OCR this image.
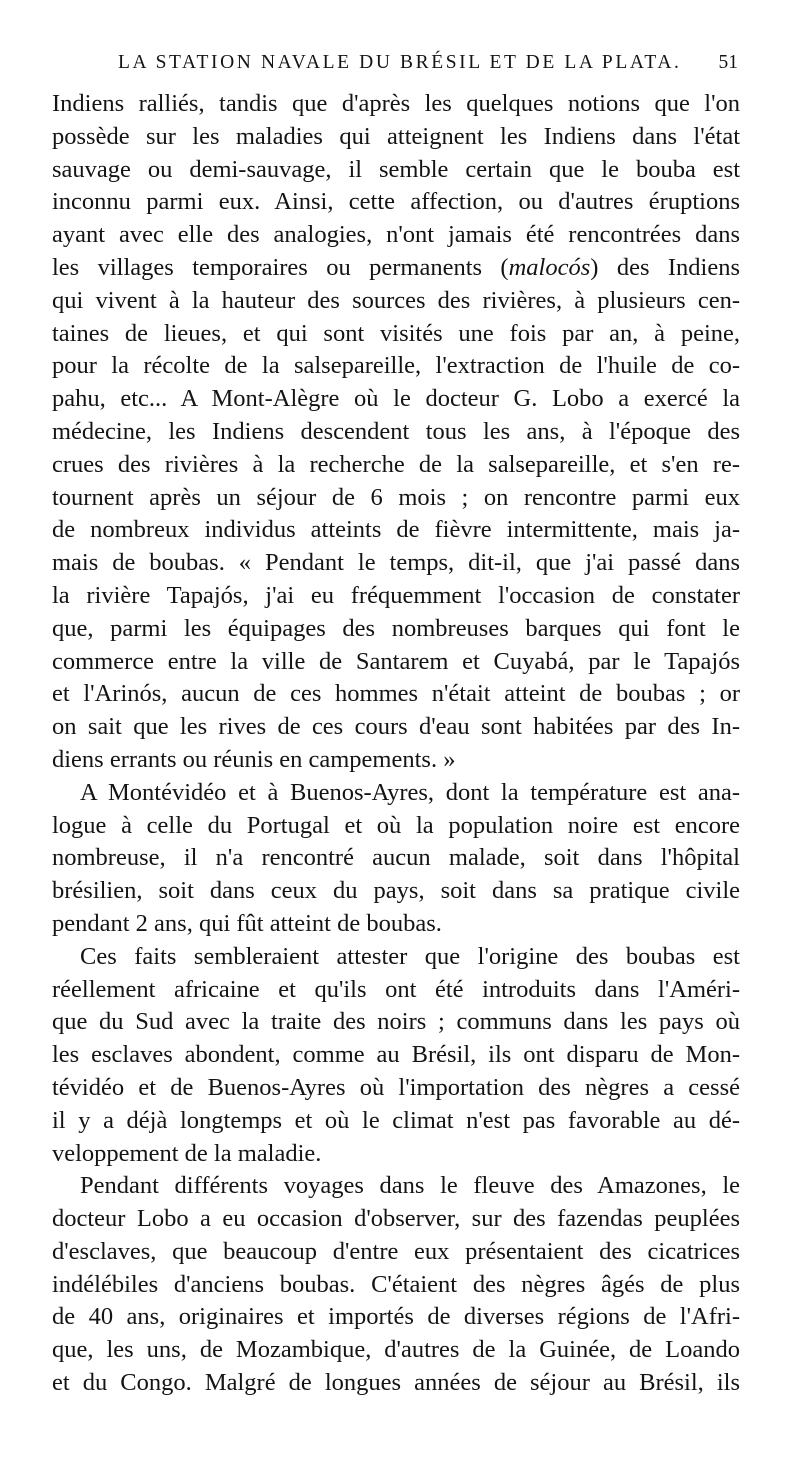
LA STATION NAVALE DU BRÉSIL ET DE LA PLATA. 51
Indiens ralliés, tandis que d'après les quelques notions que l'on
possède sur les maladies qui atteignent les Indiens dans l'état
sauvage ou demi-sauvage, il semble certain que le bouba est
inconnu parmi eux. Ainsi, cette affection, ou d'autres éruptions
ayant avec elle des analogies, n'ont jamais été rencontrées dans
les villages temporaires ou permanents (malocós) des Indiens
qui vivent à la hauteur des sources des rivières, à plusieurs cen-
taines de lieues, et qui sont visités une fois par an, à peine,
pour la récolte de la salsepareille, l'extraction de l'huile de co-
pahu, etc... A Mont-Alègre où le docteur G. Lobo a exercé la
médecine, les Indiens descendent tous les ans, à l'époque des
crues des rivières à la recherche de la salsepareille, et s'en re-
tournent après un séjour de 6 mois ; on rencontre parmi eux
de nombreux individus atteints de fièvre intermittente, mais ja-
mais de boubas. « Pendant le temps, dit-il, que j'ai passé dans
la rivière Tapajós, j'ai eu fréquemment l'occasion de constater
que, parmi les équipages des nombreuses barques qui font le
commerce entre la ville de Santarem et Cuyabá, par le Tapajós
et l'Arinós, aucun de ces hommes n'était atteint de boubas ; or
on sait que les rives de ces cours d'eau sont habitées par des In-
diens errants ou réunis en campements. »
A Montévidéo et à Buenos-Ayres, dont la température est ana-
logue à celle du Portugal et où la population noire est encore
nombreuse, il n'a rencontré aucun malade, soit dans l'hôpital
brésilien, soit dans ceux du pays, soit dans sa pratique civile
pendant 2 ans, qui fût atteint de boubas.
Ces faits sembleraient attester que l'origine des boubas est
réellement africaine et qu'ils ont été introduits dans l'Améri-
que du Sud avec la traite des noirs ; communs dans les pays où
les esclaves abondent, comme au Brésil, ils ont disparu de Mon-
tévidéo et de Buenos-Ayres où l'importation des nègres a cessé
il y a déjà longtemps et où le climat n'est pas favorable au dé-
veloppement de la maladie.
Pendant différents voyages dans le fleuve des Amazones, le
docteur Lobo a eu occasion d'observer, sur des fazendas peuplées
d'esclaves, que beaucoup d'entre eux présentaient des cicatrices
indélébiles d'anciens boubas. C'étaient des nègres âgés de plus
de 40 ans, originaires et importés de diverses régions de l'Afri-
que, les uns, de Mozambique, d'autres de la Guinée, de Loando
et du Congo. Malgré de longues années de séjour au Brésil, ils
